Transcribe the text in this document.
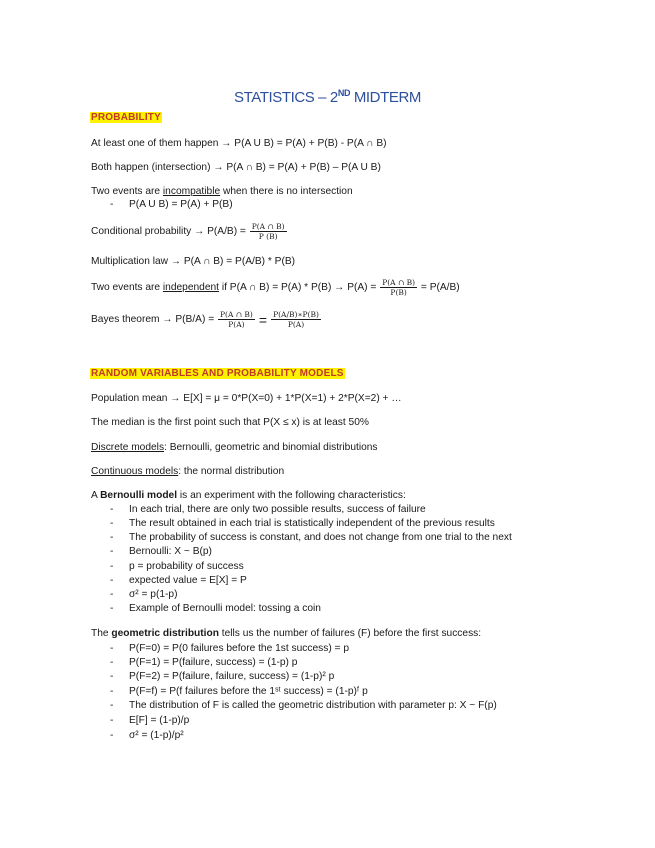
STATISTICS – 2ND MIDTERM
PROBABILITY
At least one of them happen → P(A U B) = P(A) + P(B) - P(A ∩ B)
Both happen (intersection) → P(A ∩ B) = P(A) + P(B) – P(A U B)
Two events are incompatible when there is no intersection
- P(A U B) = P(A) + P(B)
Conditional probability → $P(A/B) = \frac{P(A \cap B)}{P (B)}$
Multiplication law → P(A ∩ B) = P(A/B) * P(B)
Two events are independent if P(A ∩ $B) = P(A) * P(B) \to P(A) = \frac{P(A \cap B)}{P(B)} = P(A/B)$
Bayes theorem → $P(B/A) = \frac{P(A \cap B)}{P(A)} = \frac{P(A/B)∗P(B)}{P(A)}$
RANDOM VARIABLES AND PROBABILITY MODELS
Population mean → E[X] = μ = 0*P(X=0) + 1*P(X=1) + 2*P(X=2) + …
The median is the first point such that P(X ≤ x) is at least 50%
Discrete models: Bernoulli, geometric and binomial distributions
Continuous models: the normal distribution
A Bernoulli model is an experiment with the following characteristics:
- In each trial, there are only two possible results, success of failure
- The result obtained in each trial is statistically independent of the previous results
- The probability of success is constant, and does not change from one trial to the next
- Bernoulli: X ~ B(p)
- p = probability of success
- expected value = E[X] = P
- σ² = p(1-p)
- Example of Bernoulli model: tossing a coin
The geometric distribution tells us the number of failures (F) before the first success:
- P(F=0) = P(0 failures before the 1st success) = p
- P(F=1) = P(failure, success) = (1-p) p
- P(F=2) = P(failure, failure, success) = (1-p)² p
- P(F=f) = P(f failures before the 1ˢᵗ success) = (1-p)ᶠ p
- The distribution of F is called the geometric distribution with parameter p: X ~ F(p)
- E[F] = (1-p)/p
- σ² = (1-p)/p²
